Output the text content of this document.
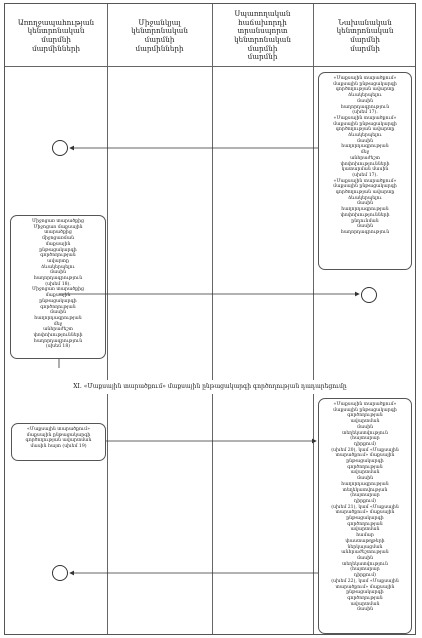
Առողջապահության
կենտրոնական
մարմնի
մարմինների
Միջանկյալ
կենտրոնական
մարմնի
մարմինների
Սպառողական
հաճախորդի
տրանսպորտ
կենտրոնական
մարմնի
մարմնի
Նախանական
կենտրոնական
մարմնի
մարմնի
XI. «Մաքսային տարածքում» մաքսային ընթացակարգի գործողության դադարեցումը
«Մաքսային տարածքում» մաքսային ընթացակարգի գործողության ավարտը
ձևակերպելու
մասին
հաղորդագրություն
(սխեմ 17).
«Մաքսային տարածքում» մաքսային ընթացակարգի գործողության ավարտը
ձևակերպելու
մասին
հաղորդագրության
մեջ
անհրաժեշտ
փոփոխությունների
կատարման մասին
(սխեմ 17).
«Մաքսային տարածքում» մաքսային ընթացակարգի գործողության ավարտը
ձևակերպելու
մասին
հաղորդագրության
փոփոխությունների
ընդունման
մասին
հաղորդագրություն
Միջոցառ տարածքից
Միջոցառ մաքսային
տարածքից
միջոցառման
մաքսային
ընթացակարգի
գործողության
ավարտը
ձևակերպելու
մասին
հաղորդագրություն
(սխեմ 18).
Միջոցառ տարածքից
մաքսային
ընթացակարգի
գործողության
մասին
հաղորդագրության
մեջ
անհրաժեշտ
փոփոխությունների
հաղորդագրություն
(սխեմ 18)
«Մաքսային տարածքում»
մաքսային ընթացակարգի
գործողության ավարտման
մասին հայտ (սխեմ 19)
«Մաքսային տարածքում» մաքսային ընթացակարգի գործողության
ավարտման
մասին
տեղեկատվություն
(հայտարար
դիրքում)
(սխեմ 20), կամ «Մաքսային
տարածքում» մաքսային ընթացակարգի
գործողության
ավարտման
մասին
հաղորդագրության
տեղեկատվության
(հայտարար
դիրքում)
(սխեմ 21), կամ «Մաքսային
տարածքում» մաքսային ընթացակարգի
գործողության
ավարտման
համար
փաստաթղթերի
ներկայացման
անհրաժեշտության
մասին
տեղեկատվություն
(հայտարար
դիրքում)
(սխեմ 22), կամ «Մաքսային
տարածքում» մաքսային ընթացակարգի
գործողության
ավարտման
մասին
